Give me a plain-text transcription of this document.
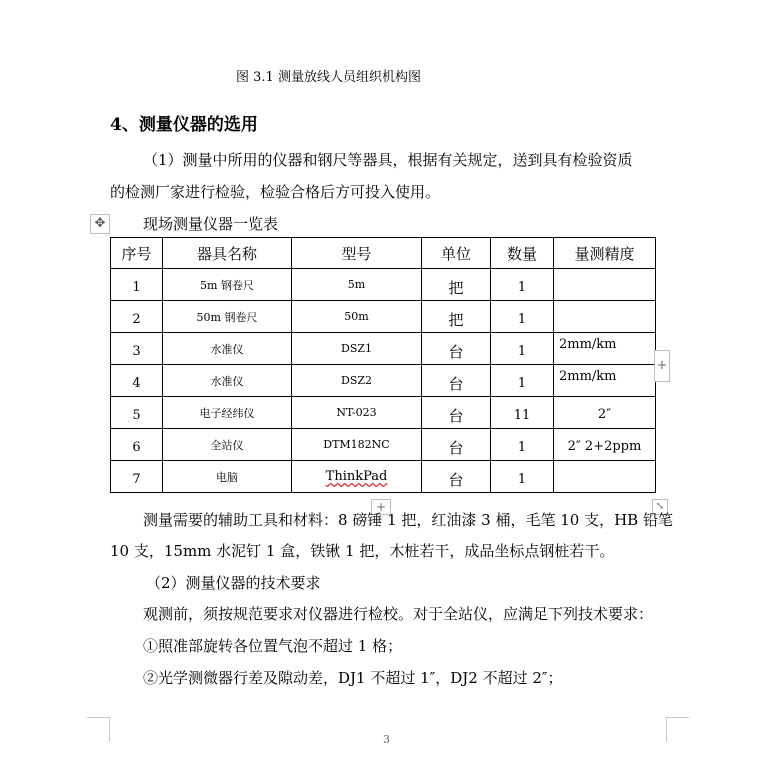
图 3.1 测量放线人员组织机构图
4、测量仪器的选用
（1）测量中所用的仪器和钢尺等器具，根据有关规定，送到具有检验资质
的检测厂家进行检验，检验合格后方可投入使用。
✥	现场测量仪器一览表
序号	器具名称	型号	单位	数量	量测精度
1	5m 钢卷尺	5m	把	1	
2	50m 钢卷尺	50m	把	1	
3	水准仪	DSZ1	台	1	2mm/km
4	水准仪	DSZ2	台	1	2mm/km
5	电子经纬仪	NT-023	台	11	2″
6	全站仪	DTM182NC	台	1	2″ 2+2ppm
7	电脑	ThinkPad	台	1	
+
+	⤡
测量需要的辅助工具和材料：8 磅锤 1 把，红油漆 3 桶，毛笔 10 支，HB 铅笔
10 支，15mm 水泥钉 1 盒，铁锹 1 把，木桩若干，成品坐标点钢桩若干。
（2）测量仪器的技术要求
观测前，须按规范要求对仪器进行检校。对于全站仪，应满足下列技术要求：
①照准部旋转各位置气泡不超过 1 格；
②光学测微器行差及隙动差，DJ1 不超过 1″，DJ2 不超过 2″；
3
